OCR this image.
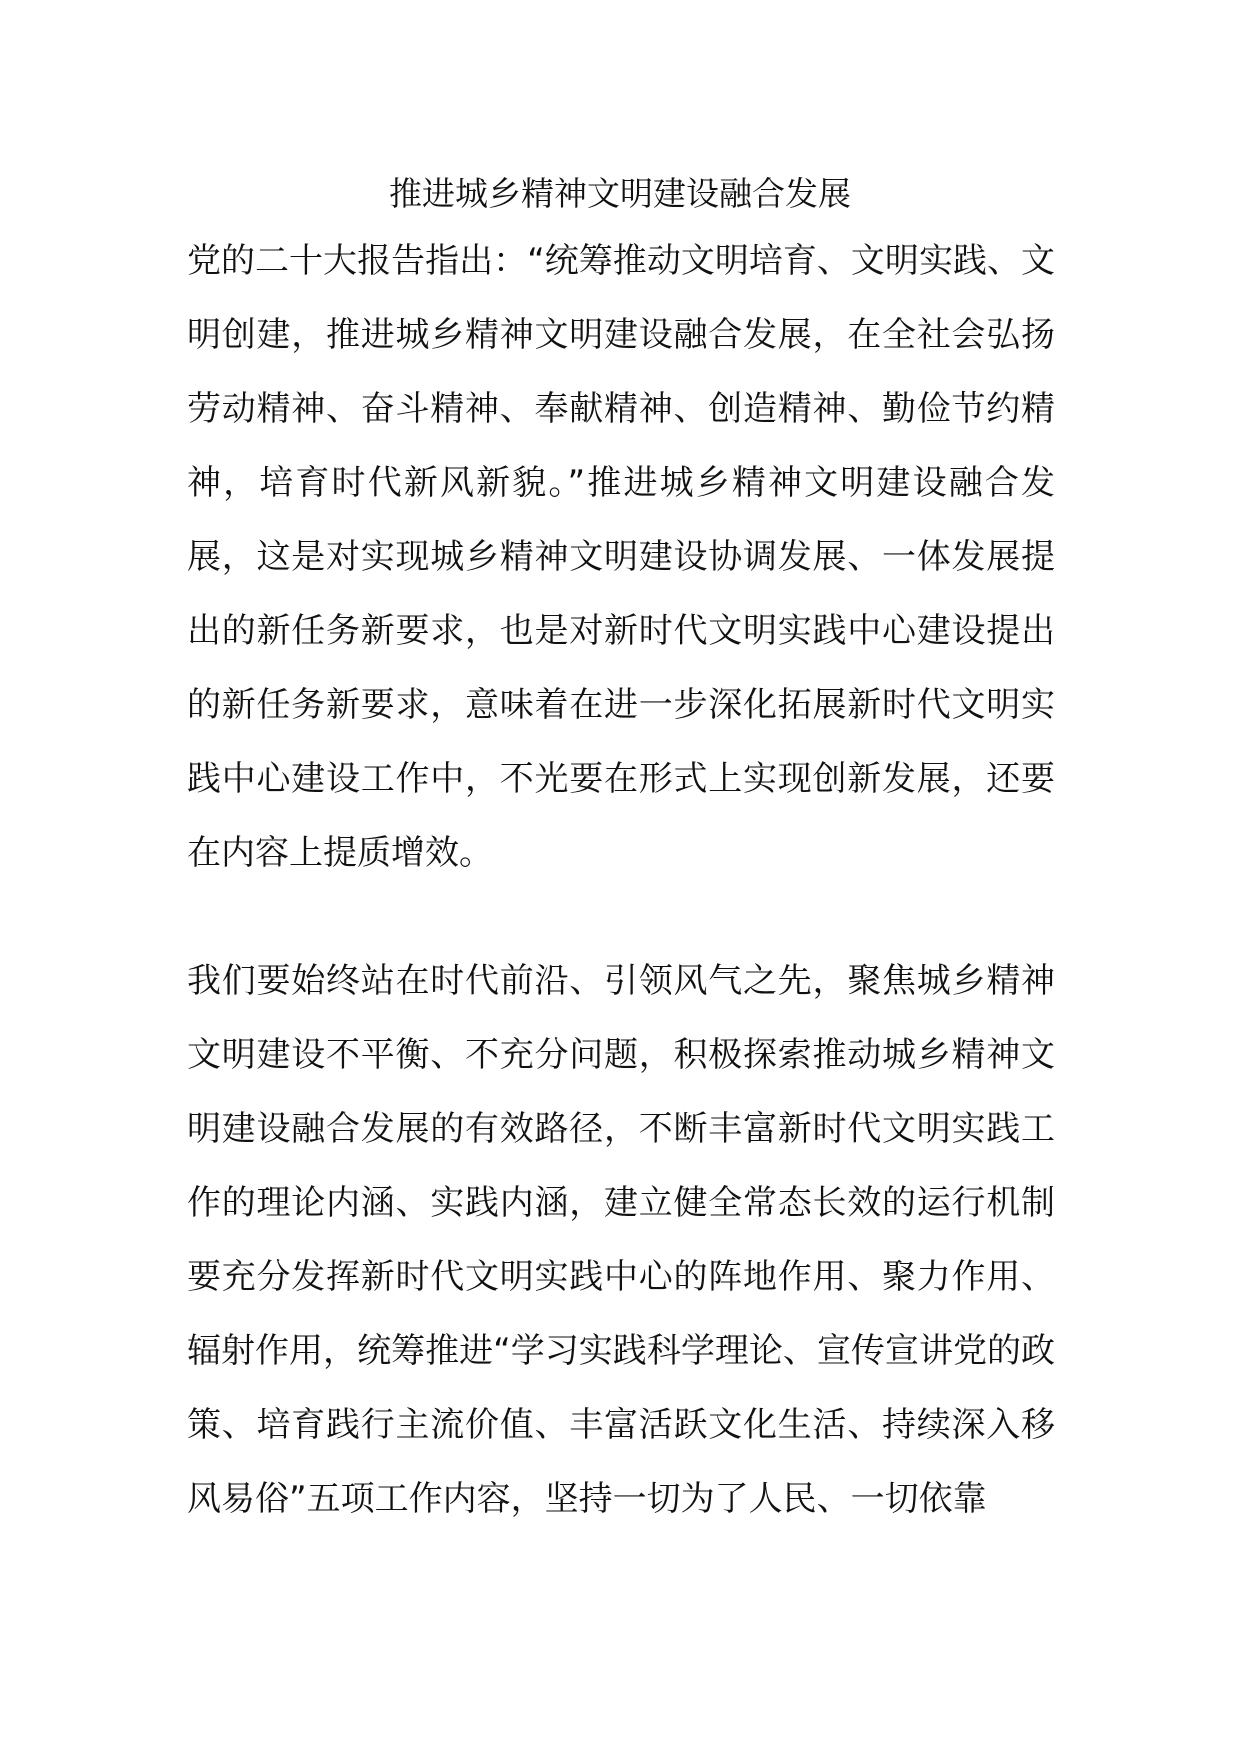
推进城乡精神文明建设融合发展

党的二十大报告指出：“统筹推动文明培育、文明实践、文明创建，推进城乡精神文明建设融合发展，在全社会弘扬劳动精神、奋斗精神、奉献精神、创造精神、勤俭节约精神，培育时代新风新貌。”推进城乡精神文明建设融合发展，这是对实现城乡精神文明建设协调发展、一体发展提出的新任务新要求，也是对新时代文明实践中心建设提出的新任务新要求，意味着在进一步深化拓展新时代文明实践中心建设工作中，不光要在形式上实现创新发展，还要在内容上提质增效。

我们要始终站在时代前沿、引领风气之先，聚焦城乡精神文明建设不平衡、不充分问题，积极探索推动城乡精神文明建设融合发展的有效路径，不断丰富新时代文明实践工作的理论内涵、实践内涵，建立健全常态长效的运行机制要充分发挥新时代文明实践中心的阵地作用、聚力作用、辐射作用，统筹推进“学习实践科学理论、宣传宣讲党的政策、培育践行主流价值、丰富活跃文化生活、持续深入移风易俗”五项工作内容，坚持一切为了人民、一切依靠
